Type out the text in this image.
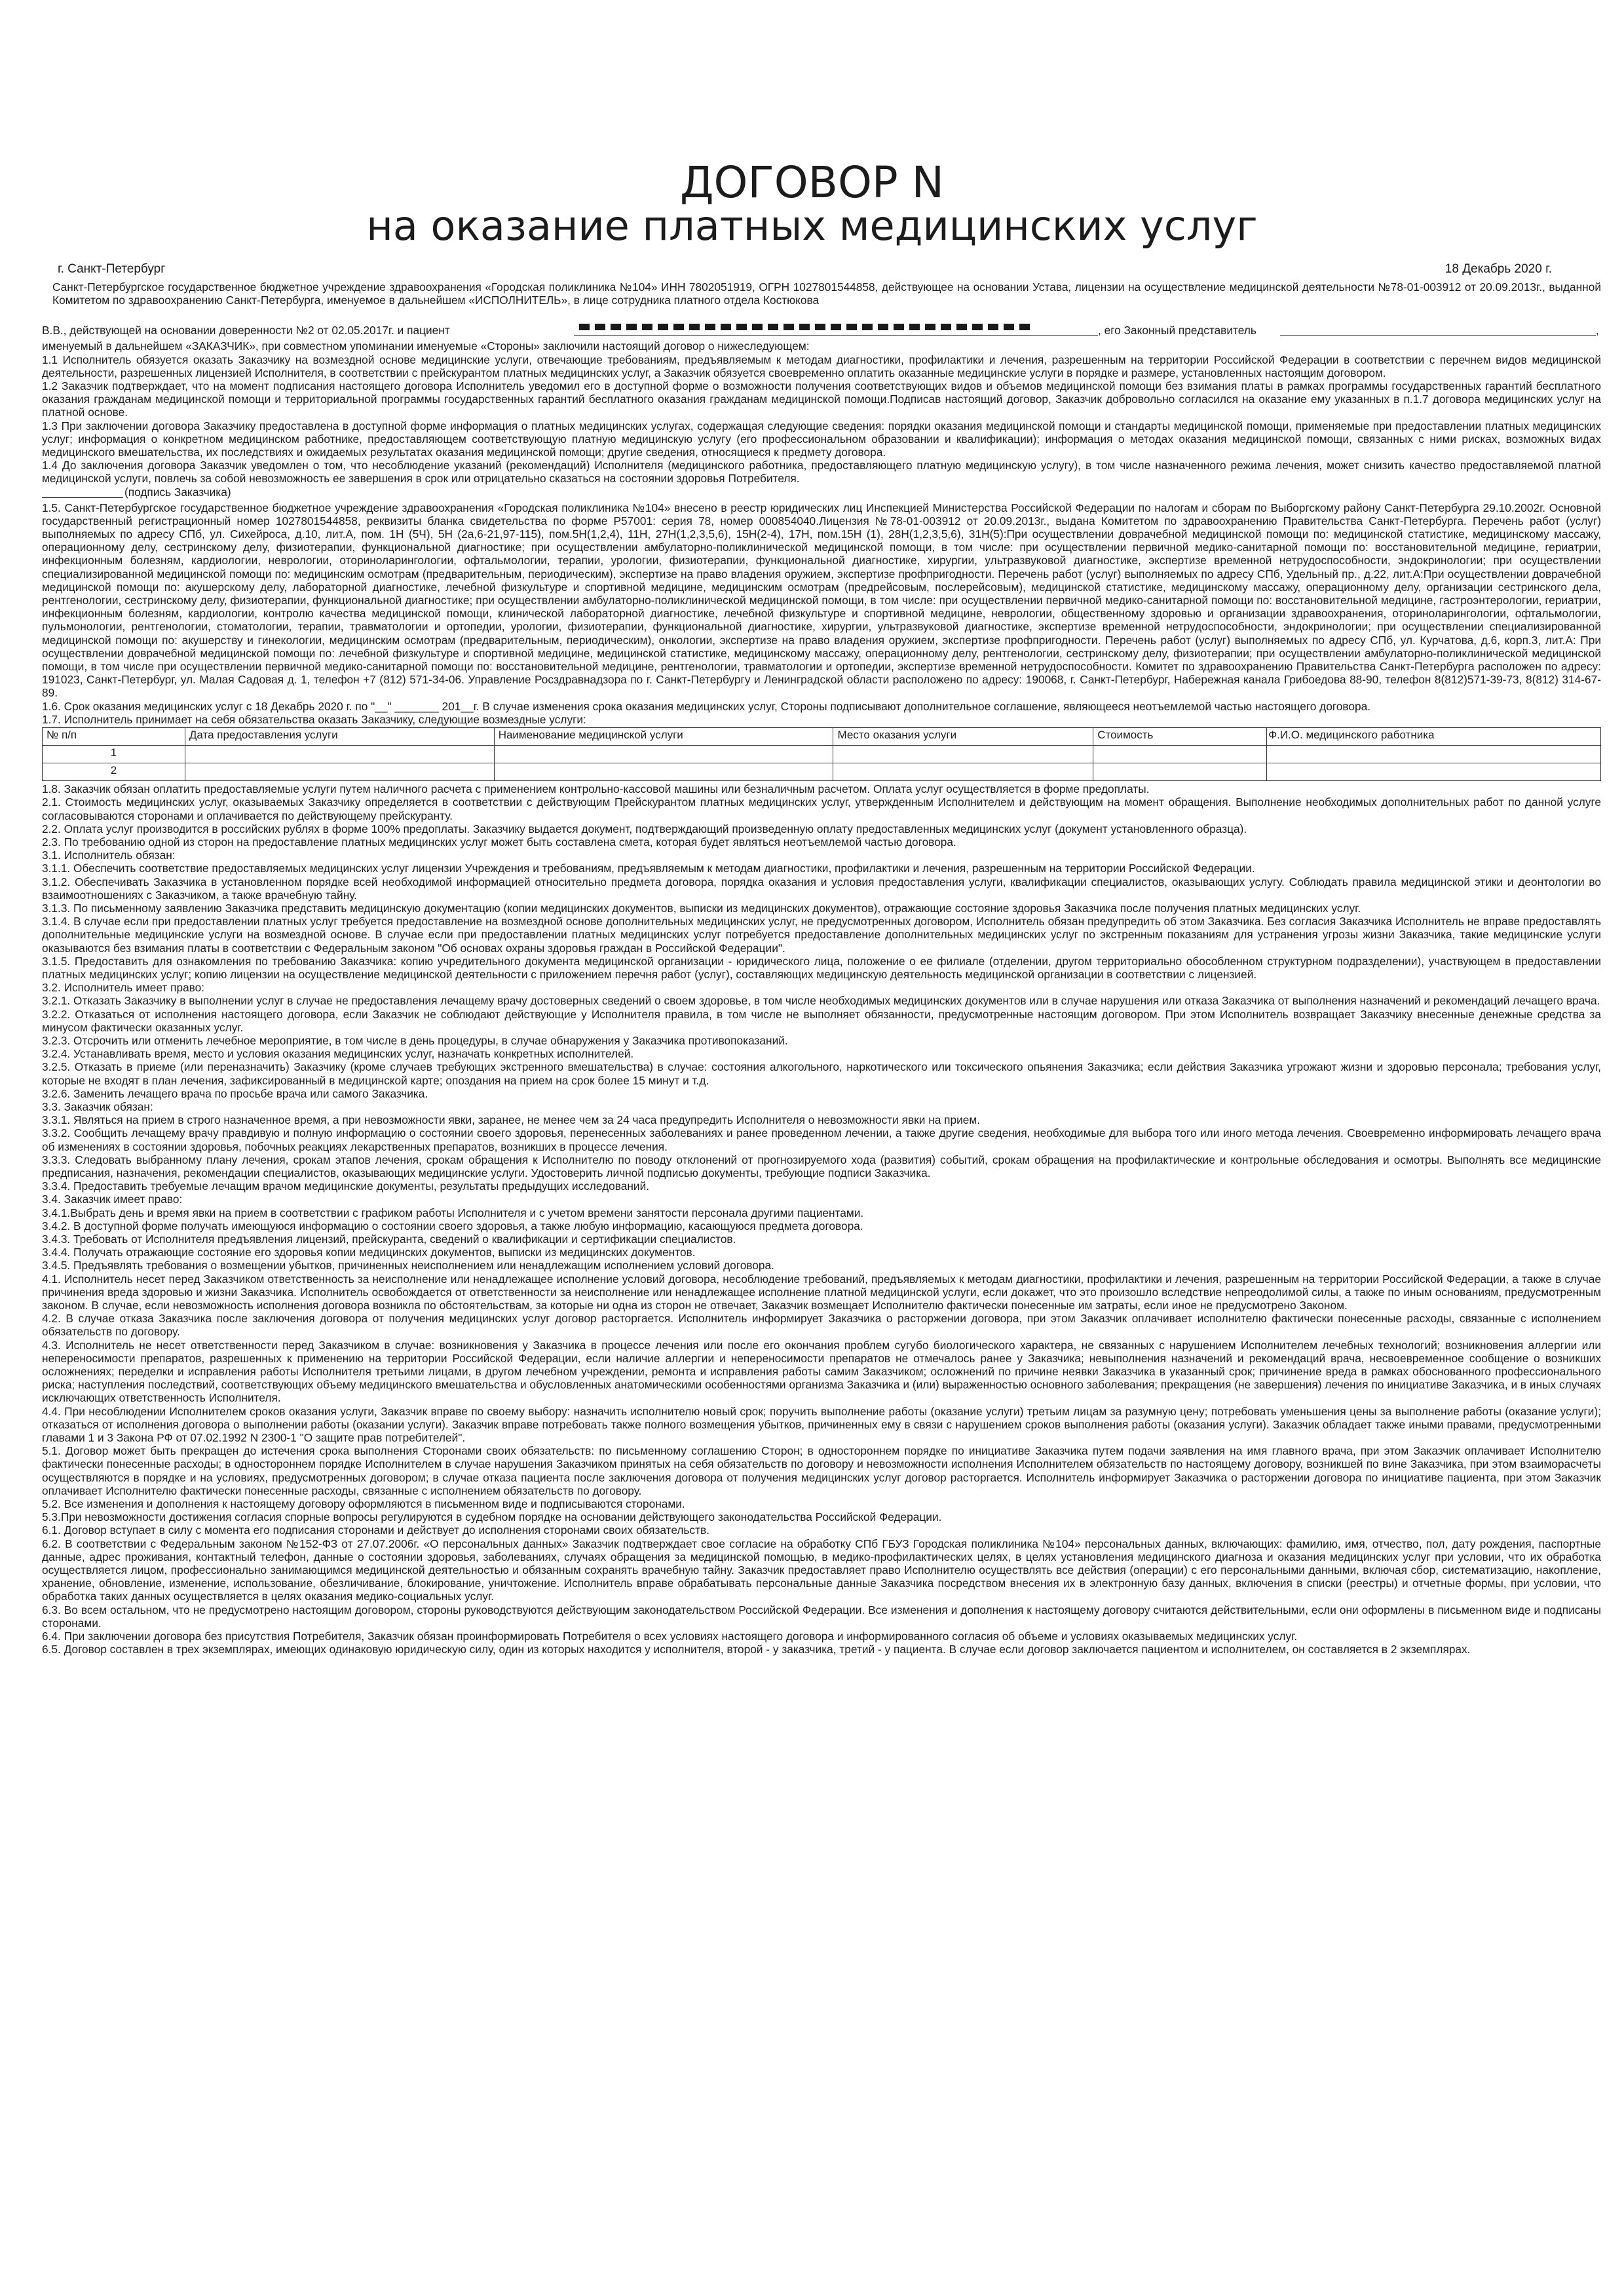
ДОГОВОР N
на оказание платных медицинских услуг
г. Санкт-Петербург	18 Декабрь 2020 г.

Санкт-Петербургское государственное бюджетное учреждение здравоохранения «Городская поликлиника №104» ИНН 7802051919, ОГРН 1027801544858, действующее на основании Устава, лицензии на осуществление медицинской деятельности №78-01-003912 от 20.09.2013г., выданной Комитетом по здравоохранению Санкт-Петербурга, именуемое в дальнейшем «ИСПОЛНИТЕЛЬ», в лице сотрудника платного отдела Костюкова

В.В., действующей на основании доверенности №2 от 02.05.2017г. и пациент	, его Законный представитель	,

именуемый в дальнейшем «ЗАКАЗЧИК», при совместном упоминании именуемые «Стороны» заключили настоящий договор о нижеследующем:

1.1 Исполнитель обязуется оказать Заказчику на возмездной основе медицинские услуги, отвечающие требованиям, предъявляемым к методам диагностики, профилактики и лечения, разрешенным на территории Российской Федерации в соответствии с перечнем видов медицинской деятельности, разрешенных лицензией Исполнителя, в соответствии с прейскурантом платных медицинских услуг, а Заказчик обязуется своевременно оплатить оказанные медицинские услуги в порядке и размере, установленных настоящим договором.

1.2 Заказчик подтверждает, что на момент подписания настоящего договора Исполнитель уведомил его в доступной форме о возможности получения соответствующих видов и объемов медицинской помощи без взимания платы в рамках программы государственных гарантий бесплатного оказания гражданам медицинской помощи и территориальной программы государственных гарантий бесплатного оказания гражданам медицинской помощи.Подписав настоящий договор, Заказчик добровольно согласился на оказание ему указанных в п.1.7 договора медицинских услуг на платной основе.

1.3 При заключении договора Заказчику предоставлена в доступной форме информация о платных медицинских услугах, содержащая следующие сведения: порядки оказания медицинской помощи и стандарты медицинской помощи, применяемые при предоставлении платных медицинских услуг; информация о конкретном медицинском работнике, предоставляющем соответствующую платную медицинскую услугу (его профессиональном образовании и квалификации); информация о методах оказания медицинской помощи, связанных с ними рисках, возможных видах медицинского вмешательства, их последствиях и ожидаемых результатах оказания медицинской помощи; другие сведения, относящиеся к предмету договора.

1.4 До заключения договора Заказчик уведомлен о том, что несоблюдение указаний (рекомендаций) Исполнителя (медицинского работника, предоставляющего платную медицинскую услугу), в том числе назначенного режима лечения, может снизить качество предоставляемой платной медицинской услуги, повлечь за собой невозможность ее завершения в срок или отрицательно сказаться на состоянии здоровья Потребителя.

(подпись Заказчика)

1.5. Санкт-Петербургское государственное бюджетное учреждение здравоохранения «Городская поликлиника №104» внесено в реестр юридических лиц Инспекцией Министерства Российской Федерации по налогам и сборам по Выборгскому району Санкт-Петербурга 29.10.2002г. Основной государственный регистрационный номер 1027801544858, реквизиты бланка свидетельства по форме Р57001: серия 78, номер 000854040.Лицензия №78-01-003912 от 20.09.2013г., выдана Комитетом по здравоохранению Правительства Санкт-Петербурга. Перечень работ (услуг) выполняемых по адресу СПб, ул. Сихейроса, д.10, лит.А, пом. 1Н (5Ч), 5Н (2а,6-21,97-115), пом.5Н(1,2,4), 11Н, 27Н(1,2,3,5,6), 15Н(2-4), 17Н, пом.15Н (1), 28Н(1,2,3,5,6), 31Н(5):При осуществлении доврачебной медицинской помощи по: медицинской статистике, медицинскому массажу, операционному делу, сестринскому делу, физиотерапии, функциональной диагностике; при осуществлении амбулаторно-поликлинической медицинской помощи, в том числе: при осуществлении первичной медико-санитарной помощи по: восстановительной медицине, гериатрии, инфекционным болезням, кардиологии, неврологии, оториноларингологии, офтальмологии, терапии, урологии, физиотерапии, функциональной диагностике, хирургии, ультразвуковой диагностике, экспертизе временной нетрудоспособности, эндокринологии; при осуществлении специализированной медицинской помощи по: медицинским осмотрам (предварительным, периодическим), экспертизе на право владения оружием, экспертизе профпригодности. Перечень работ (услуг) выполняемых по адресу СПб, Удельный пр., д.22, лит.А:При осуществлении доврачебной медицинской помощи по: акушерскому делу, лабораторной диагностике, лечебной физкультуре и спортивной медицине, медицинским осмотрам (предрейсовым, послерейсовым), медицинской статистике, медицинскому массажу, операционному делу, организации сестринского дела, рентгенологии, сестринскому делу, физиотерапии, функциональной диагностике; при осуществлении амбулаторно-поликлинической медицинской помощи, в том числе: при осуществлении первичной медико-санитарной помощи по: восстановительной медицине, гастроэнтерологии, гериатрии, инфекционным болезням, кардиологии, контролю качества медицинской помощи, клинической лабораторной диагностике, лечебной физкультуре и спортивной медицине, неврологии, общественному здоровью и организации здравоохранения, оториноларингологии, офтальмологии, пульмонологии, рентгенологии, стоматологии, терапии, травматологии и ортопедии, урологии, физиотерапии, функциональной диагностике, хирургии, ультразвуковой диагностике, экспертизе временной нетрудоспособности, эндокринологии; при осуществлении специализированной медицинской помощи по: акушерству и гинекологии, медицинским осмотрам (предварительным, периодическим), онкологии, экспертизе на право владения оружием, экспертизе профпригодности. Перечень работ (услуг) выполняемых по адресу СПб, ул. Курчатова, д.6, корп.3, лит.А: При осуществлении доврачебной медицинской помощи по: лечебной физкультуре и спортивной медицине, медицинской статистике, медицинскому массажу, операционному делу, рентгенологии, сестринскому делу, физиотерапии; при осуществлении амбулаторно-поликлинической медицинской помощи, в том числе при осуществлении первичной медико-санитарной помощи по: восстановительной медицине, рентгенологии, травматологии и ортопедии, экспертизе временной нетрудоспособности. Комитет по здравоохранению Правительства Санкт-Петербурга расположен по адресу: 191023, Санкт-Петербург, ул. Малая Садовая д. 1, телефон +7 (812) 571-34-06. Управление Росздравнадзора по г. Санкт-Петербургу и Ленинградской области расположено по адресу: 190068, г. Санкт-Петербург, Набережная канала Грибоедова 88-90, телефон 8(812)571-39-73, 8(812) 314-67-89.

1.6. Срок оказания медицинских услуг с 18 Декабрь 2020 г. по "__" _______ 201__г. В случае изменения срока оказания медицинских услуг, Стороны подписывают дополнительное соглашение, являющееся неотъемлемой частью настоящего договора.

1.7. Исполнитель принимает на себя обязательства оказать Заказчику, следующие возмездные услуги:

№ п/п	Дата предоставления услуги	Наименование медицинской услуги	Место оказания услуги	Стоимость	Ф.И.О. медицинского работника
1					
2					

1.8. Заказчик обязан оплатить предоставляемые услуги путем наличного расчета с применением контрольно-кассовой машины или безналичным расчетом. Оплата услуг осуществляется в форме предоплаты.

2.1. Стоимость медицинских услуг, оказываемых Заказчику определяется в соответствии с действующим Прейскурантом платных медицинских услуг, утвержденным Исполнителем и действующим на момент обращения. Выполнение необходимых дополнительных работ по данной услуге согласовываются сторонами и оплачивается по действующему прейскуранту.

2.2. Оплата услуг производится в российских рублях в форме 100% предоплаты. Заказчику выдается документ, подтверждающий произведенную оплату предоставленных медицинских услуг (документ установленного образца).

2.3. По требованию одной из сторон на предоставление платных медицинских услуг может быть составлена смета, которая будет являться неотъемлемой частью договора.

3.1. Исполнитель обязан:

3.1.1. Обеспечить соответствие предоставляемых медицинских услуг лицензии Учреждения и требованиям, предъявляемым к методам диагностики, профилактики и лечения, разрешенным на территории Российской Федерации.

3.1.2. Обеспечивать Заказчика в установленном порядке всей необходимой информацией относительно предмета договора, порядка оказания и условия предоставления услуги, квалификации специалистов, оказывающих услугу. Соблюдать правила медицинской этики и деонтологии во взаимоотношениях с Заказчиком, а также врачебную тайну.

3.1.3. По письменному заявлению Заказчика представить медицинскую документацию (копии медицинских документов, выписки из медицинских документов), отражающие состояние здоровья Заказчика после получения платных медицинских услуг.

3.1.4. В случае если при предоставлении платных услуг требуется предоставление на возмездной основе дополнительных медицинских услуг, не предусмотренных договором, Исполнитель обязан предупредить об этом Заказчика. Без согласия Заказчика Исполнитель не вправе предоставлять дополнительные медицинские услуги на возмездной основе. В случае если при предоставлении платных медицинских услуг потребуется предоставление дополнительных медицинских услуг по экстренным показаниям для устранения угрозы жизни Заказчика, такие медицинские услуги оказываются без взимания платы в соответствии с Федеральным законом "Об основах охраны здоровья граждан в Российской Федерации".

3.1.5. Предоставить для ознакомления по требованию Заказчика: копию учредительного документа медицинской организации - юридического лица, положение о ее филиале (отделении, другом территориально обособленном структурном подразделении), участвующем в предоставлении платных медицинских услуг; копию лицензии на осуществление медицинской деятельности с приложением перечня работ (услуг), составляющих медицинскую деятельность медицинской организации в соответствии с лицензией.

3.2. Исполнитель имеет право:

3.2.1. Отказать Заказчику в выполнении услуг в случае не предоставления лечащему врачу достоверных сведений о своем здоровье, в том числе необходимых медицинских документов или в случае нарушения или отказа Заказчика от выполнения назначений и рекомендаций лечащего врача.

3.2.2. Отказаться от исполнения настоящего договора, если Заказчик не соблюдают действующие у Исполнителя правила, в том числе не выполняет обязанности, предусмотренные настоящим договором. При этом Исполнитель возвращает Заказчику внесенные денежные средства за минусом фактически оказанных услуг.

3.2.3. Отсрочить или отменить лечебное мероприятие, в том числе в день процедуры, в случае обнаружения у Заказчика противопоказаний.

3.2.4. Устанавливать время, место и условия оказания медицинских услуг, назначать конкретных исполнителей.

3.2.5. Отказать в приеме (или переназначить) Заказчику (кроме случаев требующих экстренного вмешательства) в случае: состояния алкогольного, наркотического или токсического опьянения Заказчика; если действия Заказчика угрожают жизни и здоровью персонала; требования услуг, которые не входят в план лечения, зафиксированный в медицинской карте; опоздания на прием на срок более 15 минут и т.д.

3.2.6. Заменить лечащего врача по просьбе врача или самого Заказчика.

3.3. Заказчик обязан:

3.3.1. Являться на прием в строго назначенное время, а при невозможности явки, заранее, не менее чем за 24 часа предупредить Исполнителя о невозможности явки на прием.

3.3.2. Сообщить лечащему врачу правдивую и полную информацию о состоянии своего здоровья, перенесенных заболеваниях и ранее проведенном лечении, а также другие сведения, необходимые для выбора того или иного метода лечения. Своевременно информировать лечащего врача об изменениях в состоянии здоровья, побочных реакциях лекарственных препаратов, возникших в процессе лечения.

3.3.3. Следовать выбранному плану лечения, срокам этапов лечения, срокам обращения к Исполнителю по поводу отклонений от прогнозируемого хода (развития) событий, срокам обращения на профилактические и контрольные обследования и осмотры. Выполнять все медицинские предписания, назначения, рекомендации специалистов, оказывающих медицинские услуги. Удостоверить личной подписью документы, требующие подписи Заказчика.

3.3.4. Предоставить требуемые лечащим врачом медицинские документы, результаты предыдущих исследований.

3.4. Заказчик имеет право:

3.4.1.Выбрать день и время явки на прием в соответствии с графиком работы Исполнителя и с учетом времени занятости персонала другими пациентами.

3.4.2. В доступной форме получать имеющуюся информацию о состоянии своего здоровья, а также любую информацию, касающуюся предмета договора.

3.4.3. Требовать от Исполнителя предъявления лицензий, прейскуранта, сведений о квалификации и сертификации специалистов.

3.4.4. Получать отражающие состояние его здоровья копии медицинских документов, выписки из медицинских документов.

3.4.5. Предъявлять требования о возмещении убытков, причиненных неисполнением или ненадлежащим исполнением условий договора.

4.1. Исполнитель несет перед Заказчиком ответственность за неисполнение или ненадлежащее исполнение условий договора, несоблюдение требований, предъявляемых к методам диагностики, профилактики и лечения, разрешенным на территории Российской Федерации, а также в случае причинения вреда здоровью и жизни Заказчика. Исполнитель освобождается от ответственности за неисполнение или ненадлежащее исполнение платной медицинской услуги, если докажет, что это произошло вследствие непреодолимой силы, а также по иным основаниям, предусмотренным законом. В случае, если невозможность исполнения договора возникла по обстоятельствам, за которые ни одна из сторон не отвечает, Заказчик возмещает Исполнителю фактически понесенные им затраты, если иное не предусмотрено Законом.

4.2. В случае отказа Заказчика после заключения договора от получения медицинских услуг договор расторгается. Исполнитель информирует Заказчика о расторжении договора, при этом Заказчик оплачивает исполнителю фактически понесенные расходы, связанные с исполнением обязательств по договору.

4.3. Исполнитель не несет ответственности перед Заказчиком в случае: возникновения у Заказчика в процессе лечения или после его окончания проблем сугубо биологического характера, не связанных с нарушением Исполнителем лечебных технологий; возникновения аллергии или непереносимости препаратов, разрешенных к применению на территории Российской Федерации, если наличие аллергии и непереносимости препаратов не отмечалось ранее у Заказчика; невыполнения назначений и рекомендаций врача, несвоевременное сообщение о возникших осложнениях; переделки и исправления работы Исполнителя третьими лицами, в другом лечебном учреждении, ремонта и исправления работы самим Заказчиком; осложнений по причине неявки Заказчика в указанный срок; причинение вреда в рамках обоснованного профессионального риска; наступления последствий, соответствующих объему медицинского вмешательства и обусловленных анатомическими особенностями организма Заказчика и (или) выраженностью основного заболевания; прекращения (не завершения) лечения по инициативе Заказчика, и в иных случаях исключающих ответственность Исполнителя.

4.4. При несоблюдении Исполнителем сроков оказания услуги, Заказчик вправе по своему выбору: назначить исполнителю новый срок; поручить выполнение работы (оказание услуги) третьим лицам за разумную цену; потребовать уменьшения цены за выполнение работы (оказание услуги); отказаться от исполнения договора о выполнении работы (оказании услуги). Заказчик вправе потребовать также полного возмещения убытков, причиненных ему в связи с нарушением сроков выполнения работы (оказания услуги). Заказчик обладает также иными правами, предусмотренными главами 1 и 3 Закона РФ от 07.02.1992 N 2300-1 "О защите прав потребителей".

5.1. Договор может быть прекращен до истечения срока выполнения Сторонами своих обязательств: по письменному соглашению Сторон; в одностороннем порядке по инициативе Заказчика путем подачи заявления на имя главного врача, при этом Заказчик оплачивает Исполнителю фактически понесенные расходы; в одностороннем порядке Исполнителем в случае нарушения Заказчиком принятых на себя обязательств по договору и невозможности исполнения Исполнителем обязательств по настоящему договору, возникшей по вине Заказчика, при этом взаиморасчеты осуществляются в порядке и на условиях, предусмотренных договором; в случае отказа пациента после заключения договора от получения медицинских услуг договор расторгается. Исполнитель информирует Заказчика о расторжении договора по инициативе пациента, при этом Заказчик оплачивает Исполнителю фактически понесенные расходы, связанные с исполнением обязательств по договору.

5.2. Все изменения и дополнения к настоящему договору оформляются в письменном виде и подписываются сторонами.

5.3.При невозможности достижения согласия спорные вопросы регулируются в судебном порядке на основании действующего законодательства Российской Федерации.

6.1. Договор вступает в силу с момента его подписания сторонами и действует до исполнения сторонами своих обязательств.

6.2. В соответствии с Федеральным законом №152-ФЗ от 27.07.2006г. «О персональных данных» Заказчик подтверждает свое согласие на обработку СПб ГБУЗ Городская поликлиника №104» персональных данных, включающих: фамилию, имя, отчество, пол, дату рождения, паспортные данные, адрес проживания, контактный телефон, данные о состоянии здоровья, заболеваниях, случаях обращения за медицинской помощью, в медико-профилактических целях, в целях установления медицинского диагноза и оказания медицинских услуг при условии, что их обработка осуществляется лицом, профессионально занимающимся медицинской деятельностью и обязанным сохранять врачебную тайну. Заказчик предоставляет право Исполнителю осуществлять все действия (операции) с его персональными данными, включая сбор, систематизацию, накопление, хранение, обновление, изменение, использование, обезличивание, блокирование, уничтожение. Исполнитель вправе обрабатывать персональные данные Заказчика посредством внесения их в электронную базу данных, включения в списки (реестры) и отчетные формы, при условии, что обработка таких данных осуществляется в целях оказания медико-социальных услуг.

6.3. Во всем остальном, что не предусмотрено настоящим договором, стороны руководствуются действующим законодательством Российской Федерации. Все изменения и дополнения к настоящему договору считаются действительными, если они оформлены в письменном виде и подписаны сторонами.

6.4. При заключении договора без присутствия Потребителя, Заказчик обязан проинформировать Потребителя о всех условиях настоящего договора и информированного согласия об объеме и условиях оказываемых медицинских услуг.

6.5. Договор составлен в трех экземплярах, имеющих одинаковую юридическую силу, один из которых находится у исполнителя, второй - у заказчика, третий - у пациента. В случае если договор заключается пациентом и исполнителем, он составляется в 2 экземплярах.
